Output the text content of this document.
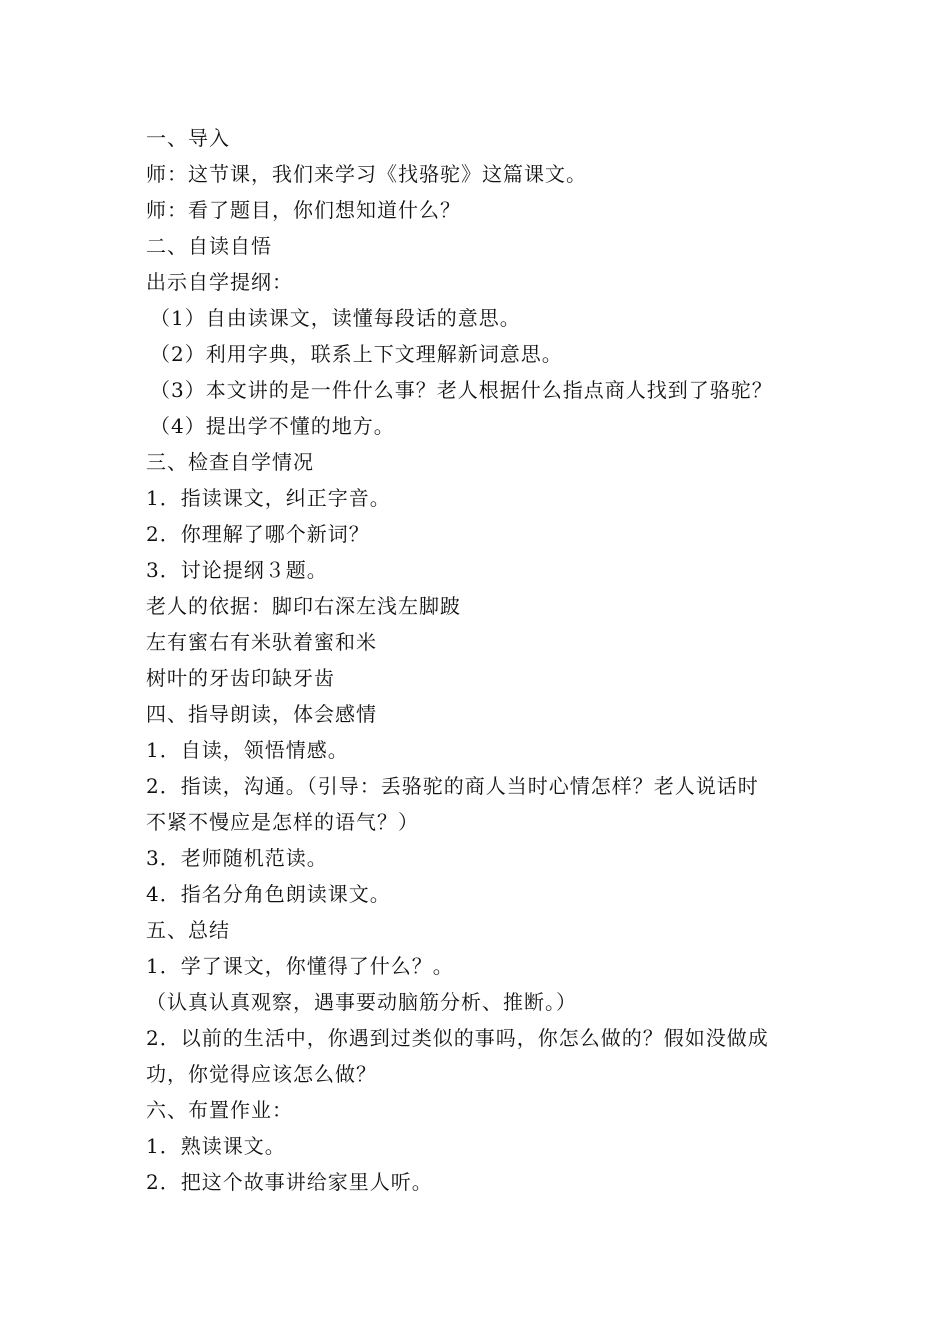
一、导入
师：这节课，我们来学习《找骆驼》这篇课文。
师：看了题目，你们想知道什么？
二、自读自悟
出示自学提纲：
（1）自由读课文，读懂每段话的意思。
（2）利用字典，联系上下文理解新词意思。
（3）本文讲的是一件什么事？老人根据什么指点商人找到了骆驼？
（4）提出学不懂的地方。
三、检查自学情况
1．指读课文，纠正字音。
2．你理解了哪个新词？
3．讨论提纲３题。
老人的依据：脚印右深左浅左脚跛
左有蜜右有米驮着蜜和米
树叶的牙齿印缺牙齿
四、指导朗读，体会感情
1．自读，领悟情感。
2．指读，沟通。（引导：丢骆驼的商人当时心情怎样？老人说话时
不紧不慢应是怎样的语气？）
3．老师随机范读。
4．指名分角色朗读课文。
五、总结
1．学了课文，你懂得了什么？。
（认真认真观察，遇事要动脑筋分析、推断。）
2．以前的生活中，你遇到过类似的事吗，你怎么做的？假如没做成
功，你觉得应该怎么做？
六、布置作业：
1．熟读课文。
2．把这个故事讲给家里人听。
